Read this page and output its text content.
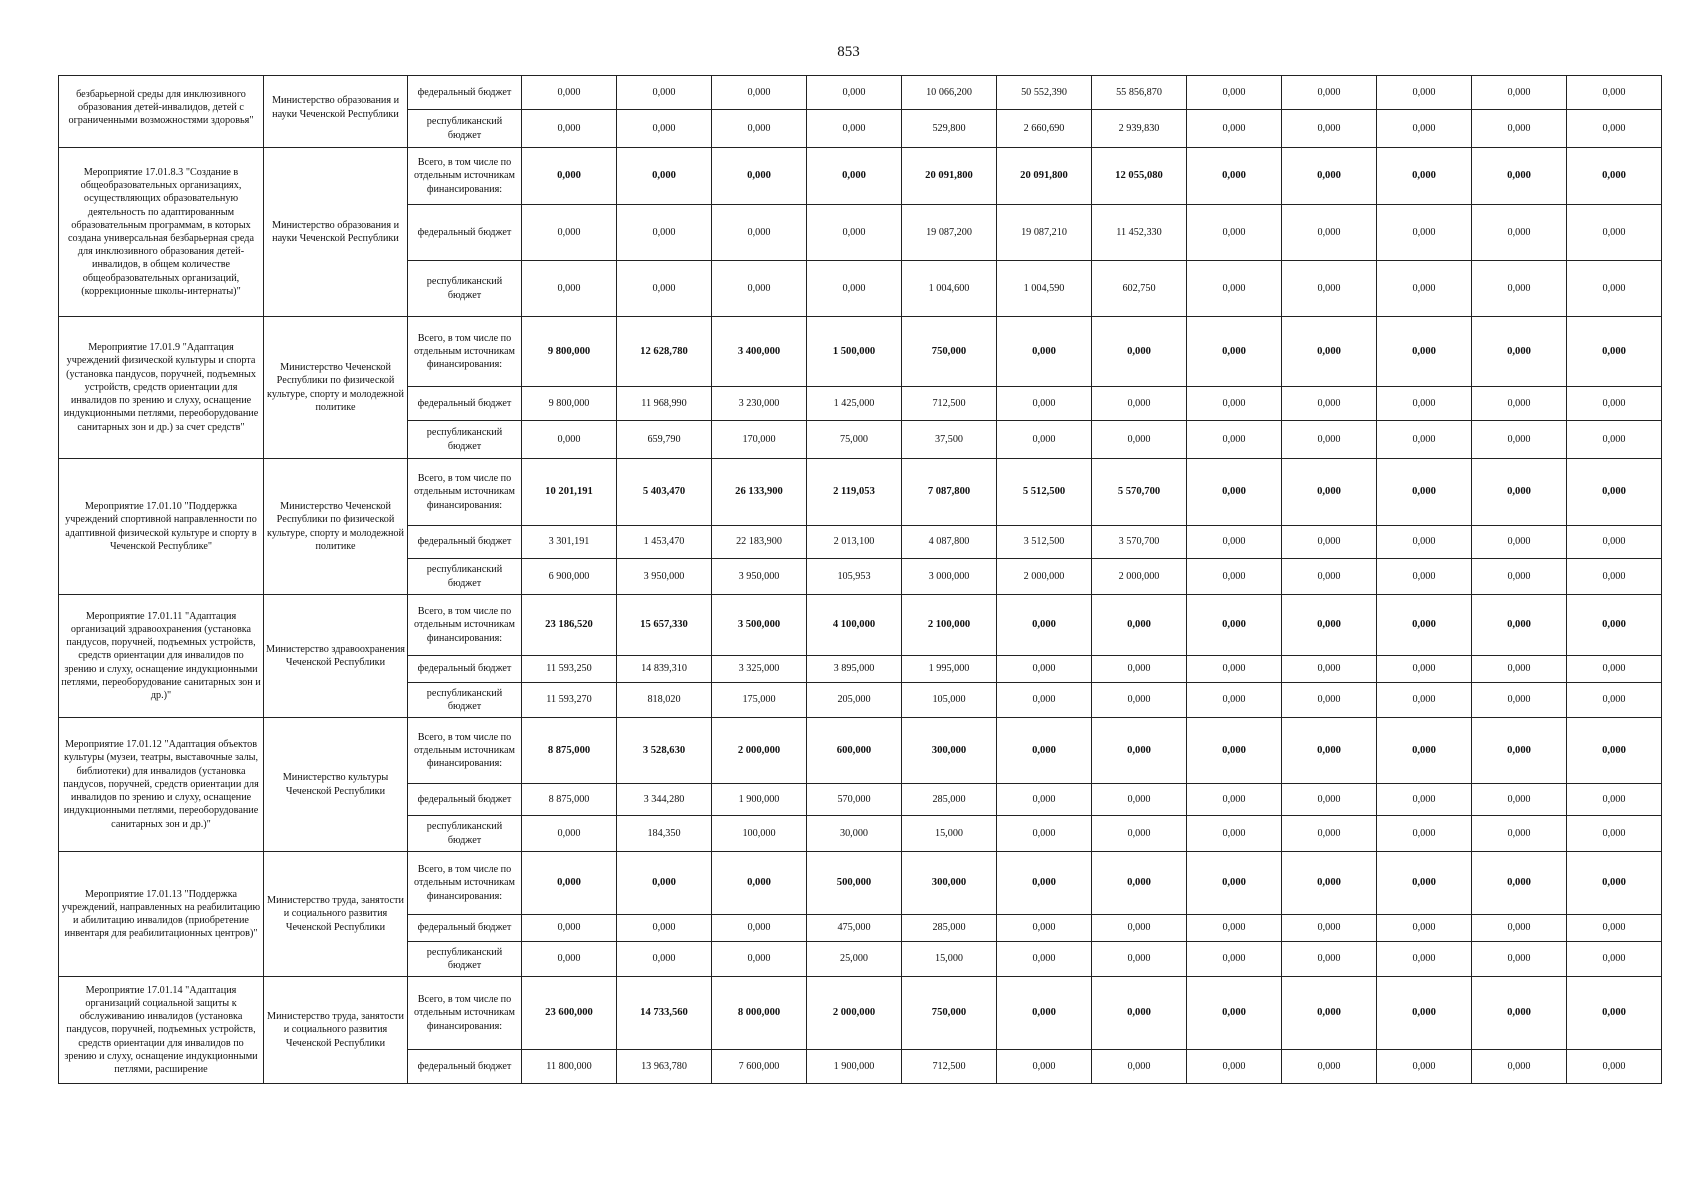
853
безбарьерной среды для инклюзивного образования детей-инвалидов, детей с ограниченными возможностями здоровья"	Министерство образования и науки Чеченской Республики	федеральный бюджет	0,000	0,000	0,000	0,000	10 066,200	50 552,390	55 856,870	0,000	0,000	0,000	0,000	0,000
		республиканский бюджет	0,000	0,000	0,000	0,000	529,800	2 660,690	2 939,830	0,000	0,000	0,000	0,000	0,000

Мероприятие 17.01.8.3 "Создание в общеобразовательных организациях, осуществляющих образовательную деятельность по адаптированным образовательным программам, в которых создана универсальная безбарьерная среда для инклюзивного образования детей-инвалидов, в общем количестве общеобразовательных организаций, (коррекционные школы-интернаты)"	Министерство образования и науки Чеченской Республики	Всего, в том числе по отдельным источникам финансирования:	0,000	0,000	0,000	0,000	20 091,800	20 091,800	12 055,080	0,000	0,000	0,000	0,000	0,000
		федеральный бюджет	0,000	0,000	0,000	0,000	19 087,200	19 087,210	11 452,330	0,000	0,000	0,000	0,000	0,000
		республиканский бюджет	0,000	0,000	0,000	0,000	1 004,600	1 004,590	602,750	0,000	0,000	0,000	0,000	0,000

Мероприятие 17.01.9 "Адаптация учреждений физической культуры и спорта (установка пандусов, поручней, подъемных устройств, средств ориентации для инвалидов по зрению и слуху, оснащение индукционными петлями, переоборудование санитарных зон и др.) за счет средств"	Министерство Чеченской Республики по физической культуре, спорту и молодежной политике	Всего, в том числе по отдельным источникам финансирования:	9 800,000	12 628,780	3 400,000	1 500,000	750,000	0,000	0,000	0,000	0,000	0,000	0,000	0,000
		федеральный бюджет	9 800,000	11 968,990	3 230,000	1 425,000	712,500	0,000	0,000	0,000	0,000	0,000	0,000	0,000
		республиканский бюджет	0,000	659,790	170,000	75,000	37,500	0,000	0,000	0,000	0,000	0,000	0,000	0,000

Мероприятие 17.01.10 "Поддержка учреждений спортивной направленности по адаптивной физической культуре и спорту в Чеченской Республике"	Министерство Чеченской Республики по физической культуре, спорту и молодежной политике	Всего, в том числе по отдельным источникам финансирования:	10 201,191	5 403,470	26 133,900	2 119,053	7 087,800	5 512,500	5 570,700	0,000	0,000	0,000	0,000	0,000
		федеральный бюджет	3 301,191	1 453,470	22 183,900	2 013,100	4 087,800	3 512,500	3 570,700	0,000	0,000	0,000	0,000	0,000
		республиканский бюджет	6 900,000	3 950,000	3 950,000	105,953	3 000,000	2 000,000	2 000,000	0,000	0,000	0,000	0,000	0,000

Мероприятие 17.01.11 "Адаптация организаций здравоохранения (установка пандусов, поручней, подъемных устройств, средств ориентации для инвалидов по зрению и слуху, оснащение индукционными петлями, переоборудование санитарных зон и др.)"	Министерство здравоохранения Чеченской Республики	Всего, в том числе по отдельным источникам финансирования:	23 186,520	15 657,330	3 500,000	4 100,000	2 100,000	0,000	0,000	0,000	0,000	0,000	0,000	0,000
		федеральный бюджет	11 593,250	14 839,310	3 325,000	3 895,000	1 995,000	0,000	0,000	0,000	0,000	0,000	0,000	0,000
		республиканский бюджет	11 593,270	818,020	175,000	205,000	105,000	0,000	0,000	0,000	0,000	0,000	0,000	0,000

Мероприятие 17.01.12 "Адаптация объектов культуры (музеи, театры, выставочные залы, библиотеки) для инвалидов (установка пандусов, поручней, средств ориентации для инвалидов по зрению и слуху, оснащение индукционными петлями, переоборудование санитарных зон и др.)"	Министерство культуры Чеченской Республики	Всего, в том числе по отдельным источникам финансирования:	8 875,000	3 528,630	2 000,000	600,000	300,000	0,000	0,000	0,000	0,000	0,000	0,000	0,000
		федеральный бюджет	8 875,000	3 344,280	1 900,000	570,000	285,000	0,000	0,000	0,000	0,000	0,000	0,000	0,000
		республиканский бюджет	0,000	184,350	100,000	30,000	15,000	0,000	0,000	0,000	0,000	0,000	0,000	0,000

Мероприятие 17.01.13 "Поддержка учреждений, направленных на реабилитацию и абилитацию инвалидов (приобретение инвентаря для реабилитационных центров)"	Министерство труда, занятости и социального развития Чеченской Республики	Всего, в том числе по отдельным источникам финансирования:	0,000	0,000	0,000	500,000	300,000	0,000	0,000	0,000	0,000	0,000	0,000	0,000
		федеральный бюджет	0,000	0,000	0,000	475,000	285,000	0,000	0,000	0,000	0,000	0,000	0,000	0,000
		республиканский бюджет	0,000	0,000	0,000	25,000	15,000	0,000	0,000	0,000	0,000	0,000	0,000	0,000

Мероприятие 17.01.14 "Адаптация организаций социальной защиты к обслуживанию инвалидов (установка пандусов, поручней, подъемных устройств, средств ориентации для инвалидов по зрению и слуху, оснащение индукционными петлями, расширение	Министерство труда, занятости и социального развития Чеченской Республики	Всего, в том числе по отдельным источникам финансирования:	23 600,000	14 733,560	8 000,000	2 000,000	750,000	0,000	0,000	0,000	0,000	0,000	0,000	0,000
		федеральный бюджет	11 800,000	13 963,780	7 600,000	1 900,000	712,500	0,000	0,000	0,000	0,000	0,000	0,000	0,000
